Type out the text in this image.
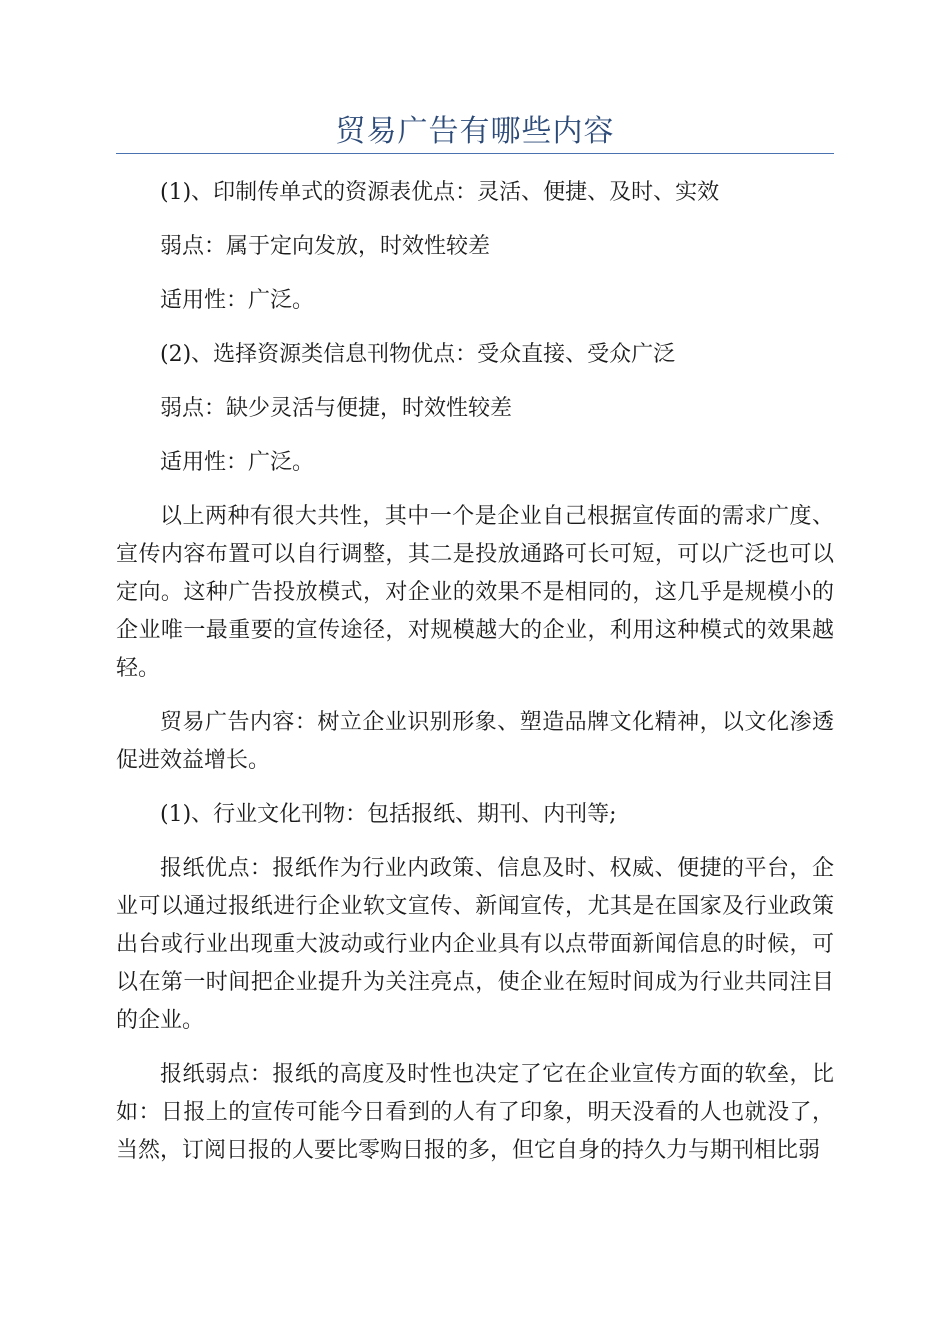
贸易广告有哪些内容

(1)、印制传单式的资源表优点：灵活、便捷、及时、实效

弱点：属于定向发放，时效性较差

适用性：广泛。

(2)、选择资源类信息刊物优点：受众直接、受众广泛

弱点：缺少灵活与便捷，时效性较差

适用性：广泛。

以上两种有很大共性，其中一个是企业自己根据宣传面的需求广度、宣传内容布置可以自行调整，其二是投放通路可长可短，可以广泛也可以定向。这种广告投放模式，对企业的效果不是相同的，这几乎是规模小的企业唯一最重要的宣传途径，对规模越大的企业，利用这种模式的效果越轻。

贸易广告内容：树立企业识别形象、塑造品牌文化精神，以文化渗透促进效益增长。

(1)、行业文化刊物：包括报纸、期刊、内刊等;

报纸优点：报纸作为行业内政策、信息及时、权威、便捷的平台，企业可以通过报纸进行企业软文宣传、新闻宣传，尤其是在国家及行业政策出台或行业出现重大波动或行业内企业具有以点带面新闻信息的时候，可以在第一时间把企业提升为关注亮点，使企业在短时间成为行业共同注目的企业。

报纸弱点：报纸的高度及时性也决定了它在企业宣传方面的软垒，比如：日报上的宣传可能今日看到的人有了印象，明天没看的人也就没了，当然，订阅日报的人要比零购日报的多，但它自身的持久力与期刊相比弱
